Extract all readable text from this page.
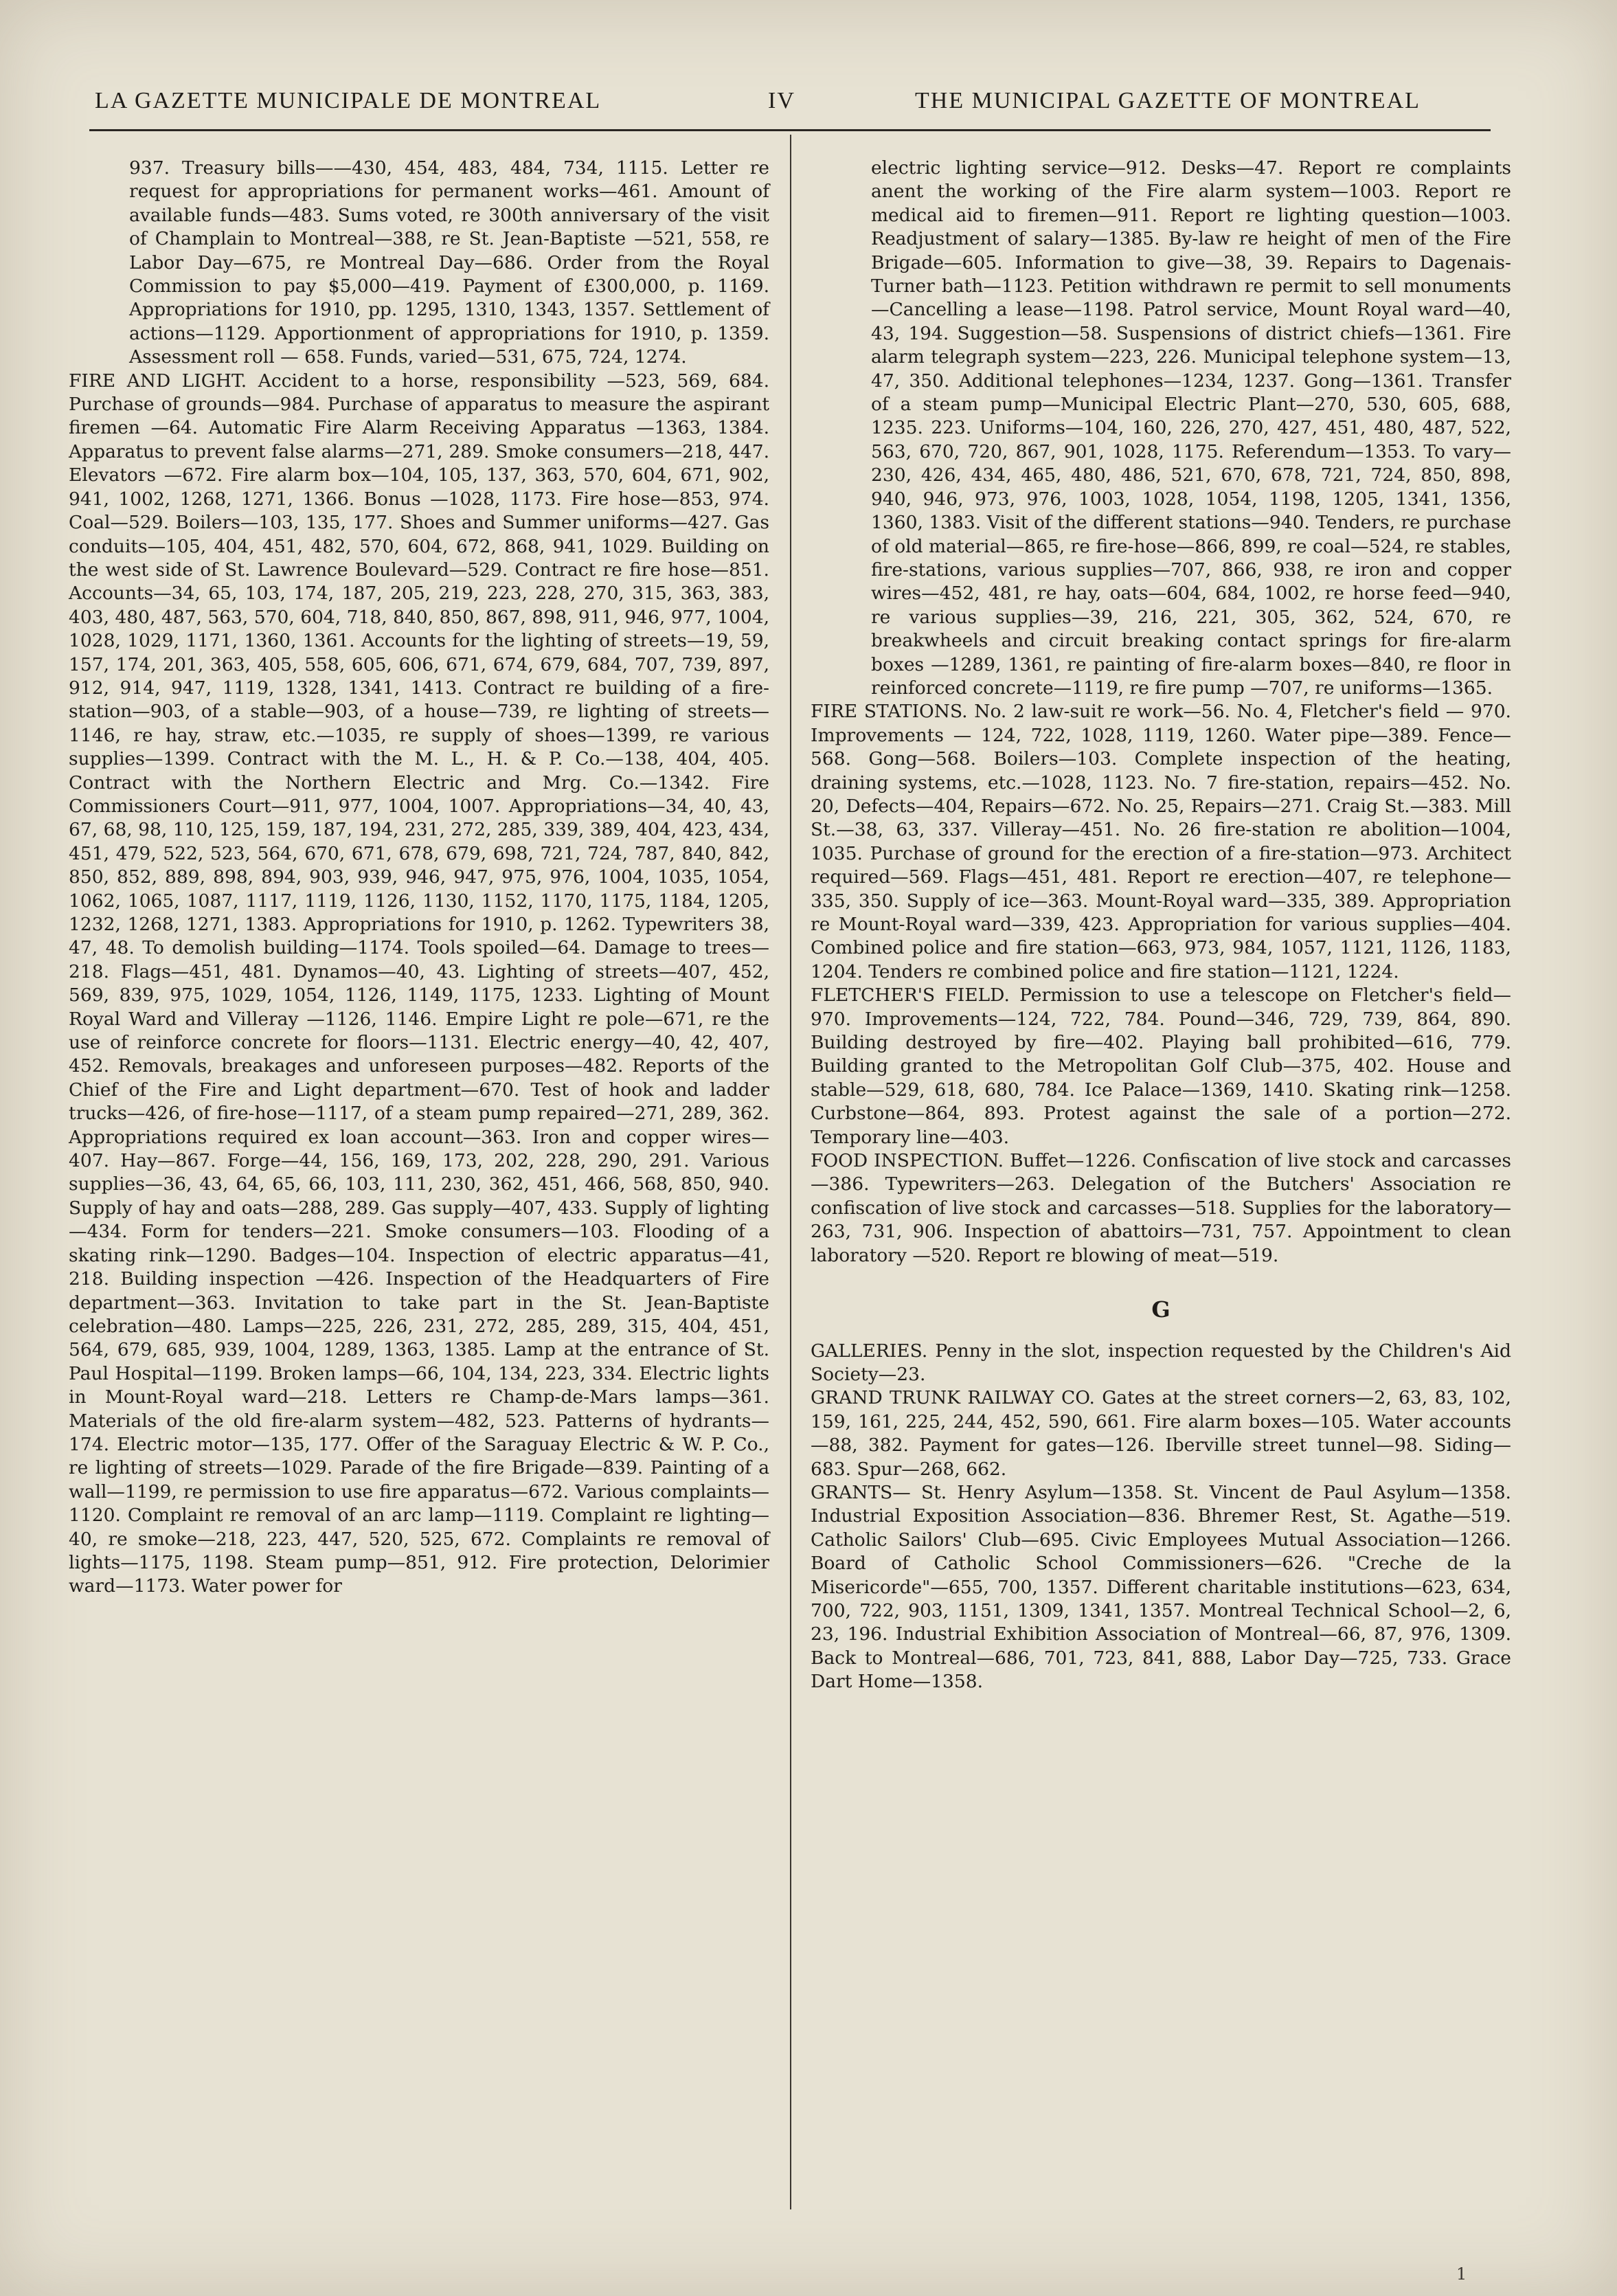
LA GAZETTE MUNICIPALE DE MONTREAL	IV	THE MUNICIPAL GAZETTE OF MONTREAL

937. Treasury bills——430, 454, 483, 484, 734, 1115. Letter re request for appropriations for permanent works—461. Amount of available funds—483. Sums voted, re 300th anniversary of the visit of Champlain to Montreal—388, re St. Jean-Baptiste —521, 558, re Labor Day—675, re Montreal Day—686. Order from the Royal Commission to pay $5,000—419. Payment of £300,000, p. 1169. Appropriations for 1910, pp. 1295, 1310, 1343, 1357. Settlement of actions—1129. Apportionment of appropriations for 1910, p. 1359. Assessment roll — 658. Funds, varied—531, 675, 724, 1274.

FIRE AND LIGHT. Accident to a horse, responsibility —523, 569, 684. Purchase of grounds—984. Purchase of apparatus to measure the aspirant firemen —64. Automatic Fire Alarm Receiving Apparatus —1363, 1384. Apparatus to prevent false alarms—271, 289. Smoke consumers—218, 447. Elevators —672. Fire alarm box—104, 105, 137, 363, 570, 604, 671, 902, 941, 1002, 1268, 1271, 1366. Bonus —1028, 1173. Fire hose—853, 974. Coal—529. Boilers—103, 135, 177. Shoes and Summer uniforms—427. Gas conduits—105, 404, 451, 482, 570, 604, 672, 868, 941, 1029. Building on the west side of St. Lawrence Boulevard—529. Contract re fire hose—851. Accounts—34, 65, 103, 174, 187, 205, 219, 223, 228, 270, 315, 363, 383, 403, 480, 487, 563, 570, 604, 718, 840, 850, 867, 898, 911, 946, 977, 1004, 1028, 1029, 1171, 1360, 1361. Accounts for the lighting of streets—19, 59, 157, 174, 201, 363, 405, 558, 605, 606, 671, 674, 679, 684, 707, 739, 897, 912, 914, 947, 1119, 1328, 1341, 1413. Contract re building of a fire-station—903, of a stable—903, of a house—739, re lighting of streets—1146, re hay, straw, etc.—1035, re supply of shoes—1399, re various supplies—1399. Contract with the M. L., H. & P. Co.—138, 404, 405. Contract with the Northern Electric and Mrg. Co.—1342. Fire Commissioners Court—911, 977, 1004, 1007. Appropriations—34, 40, 43, 67, 68, 98, 110, 125, 159, 187, 194, 231, 272, 285, 339, 389, 404, 423, 434, 451, 479, 522, 523, 564, 670, 671, 678, 679, 698, 721, 724, 787, 840, 842, 850, 852, 889, 898, 894, 903, 939, 946, 947, 975, 976, 1004, 1035, 1054, 1062, 1065, 1087, 1117, 1119, 1126, 1130, 1152, 1170, 1175, 1184, 1205, 1232, 1268, 1271, 1383. Appropriations for 1910, p. 1262. Typewriters 38, 47, 48. To demolish building—1174. Tools spoiled—64. Damage to trees—218. Flags—451, 481. Dynamos—40, 43. Lighting of streets—407, 452, 569, 839, 975, 1029, 1054, 1126, 1149, 1175, 1233. Lighting of Mount Royal Ward and Villeray —1126, 1146. Empire Light re pole—671, re the use of reinforce concrete for floors—1131. Electric energy—40, 42, 407, 452. Removals, breakages and unforeseen purposes—482. Reports of the Chief of the Fire and Light department—670. Test of hook and ladder trucks—426, of fire-hose—1117, of a steam pump repaired—271, 289, 362. Appropriations required ex loan account—363. Iron and copper wires—407. Hay—867. Forge—44, 156, 169, 173, 202, 228, 290, 291. Various supplies—36, 43, 64, 65, 66, 103, 111, 230, 362, 451, 466, 568, 850, 940. Supply of hay and oats—288, 289. Gas supply—407, 433. Supply of lighting—434. Form for tenders—221. Smoke consumers—103. Flooding of a skating rink—1290. Badges—104. Inspection of electric apparatus—41, 218. Building inspection —426. Inspection of the Headquarters of Fire department—363. Invitation to take part in the St. Jean-Baptiste celebration—480. Lamps—225, 226, 231, 272, 285, 289, 315, 404, 451, 564, 679, 685, 939, 1004, 1289, 1363, 1385. Lamp at the entrance of St. Paul Hospital—1199. Broken lamps—66, 104, 134, 223, 334. Electric lights in Mount-Royal ward—218. Letters re Champ-de-Mars lamps—361. Materials of the old fire-alarm system—482, 523. Patterns of hydrants—174. Electric motor—135, 177. Offer of the Saraguay Electric & W. P. Co., re lighting of streets—1029. Parade of the fire Brigade—839. Painting of a wall—1199, re permission to use fire apparatus—672. Various complaints—1120. Complaint re removal of an arc lamp—1119. Complaint re lighting—40, re smoke—218, 223, 447, 520, 525, 672. Complaints re removal of lights—1175, 1198. Steam pump—851, 912. Fire protection, Delorimier ward—1173. Water power for

electric lighting service—912. Desks—47. Report re complaints anent the working of the Fire alarm system—1003. Report re medical aid to firemen—911. Report re lighting question—1003. Readjustment of salary—1385. By-law re height of men of the Fire Brigade—605. Information to give—38, 39. Repairs to Dagenais-Turner bath—1123. Petition withdrawn re permit to sell monuments—Cancelling a lease—1198. Patrol service, Mount Royal ward—40, 43, 194. Suggestion—58. Suspensions of district chiefs—1361. Fire alarm telegraph system—223, 226. Municipal telephone system—13, 47, 350. Additional telephones—1234, 1237. Gong—1361. Transfer of a steam pump—Municipal Electric Plant—270, 530, 605, 688, 1235. 223. Uniforms—104, 160, 226, 270, 427, 451, 480, 487, 522, 563, 670, 720, 867, 901, 1028, 1175. Referendum—1353. To vary—230, 426, 434, 465, 480, 486, 521, 670, 678, 721, 724, 850, 898, 940, 946, 973, 976, 1003, 1028, 1054, 1198, 1205, 1341, 1356, 1360, 1383. Visit of the different stations—940. Tenders, re purchase of old material—865, re fire-hose—866, 899, re coal—524, re stables, fire-stations, various supplies—707, 866, 938, re iron and copper wires—452, 481, re hay, oats—604, 684, 1002, re horse feed—940, re various supplies—39, 216, 221, 305, 362, 524, 670, re breakwheels and circuit breaking contact springs for fire-alarm boxes —1289, 1361, re painting of fire-alarm boxes—840, re floor in reinforced concrete—1119, re fire pump —707, re uniforms—1365.

FIRE STATIONS. No. 2 law-suit re work—56. No. 4, Fletcher's field — 970. Improvements — 124, 722, 1028, 1119, 1260. Water pipe—389. Fence—568. Gong—568. Boilers—103. Complete inspection of the heating, draining systems, etc.—1028, 1123. No. 7 fire-station, repairs—452. No. 20, Defects—404, Repairs—672. No. 25, Repairs—271. Craig St.—383. Mill St.—38, 63, 337. Villeray—451. No. 26 fire-station re abolition—1004, 1035. Purchase of ground for the erection of a fire-station—973. Architect required—569. Flags—451, 481. Report re erection—407, re telephone—335, 350. Supply of ice—363. Mount-Royal ward—335, 389. Appropriation re Mount-Royal ward—339, 423. Appropriation for various supplies—404. Combined police and fire station—663, 973, 984, 1057, 1121, 1126, 1183, 1204. Tenders re combined police and fire station—1121, 1224.

FLETCHER'S FIELD. Permission to use a telescope on Fletcher's field—970. Improvements—124, 722, 784. Pound—346, 729, 739, 864, 890. Building destroyed by fire—402. Playing ball prohibited—616, 779. Building granted to the Metropolitan Golf Club—375, 402. House and stable—529, 618, 680, 784. Ice Palace—1369, 1410. Skating rink—1258. Curbstone—864, 893. Protest against the sale of a portion—272. Temporary line—403.

FOOD INSPECTION. Buffet—1226. Confiscation of live stock and carcasses—386. Typewriters—263. Delegation of the Butchers' Association re confiscation of live stock and carcasses—518. Supplies for the laboratory—263, 731, 906. Inspection of abattoirs—731, 757. Appointment to clean laboratory —520. Report re blowing of meat—519.

G

GALLERIES. Penny in the slot, inspection requested by the Children's Aid Society—23.

GRAND TRUNK RAILWAY CO. Gates at the street corners—2, 63, 83, 102, 159, 161, 225, 244, 452, 590, 661. Fire alarm boxes—105. Water accounts —88, 382. Payment for gates—126. Iberville street tunnel—98. Siding—683. Spur—268, 662.

GRANTS— St. Henry Asylum—1358. St. Vincent de Paul Asylum—1358. Industrial Exposition Association—836. Bhremer Rest, St. Agathe—519. Catholic Sailors' Club—695. Civic Employees Mutual Association—1266. Board of Catholic School Commissioners—626. "Creche de la Misericorde"—655, 700, 1357. Different charitable institutions—623, 634, 700, 722, 903, 1151, 1309, 1341, 1357. Montreal Technical School—2, 6, 23, 196. Industrial Exhibition Association of Montreal—66, 87, 976, 1309. Back to Montreal—686, 701, 723, 841, 888, Labor Day—725, 733. Grace Dart Home—1358.

1
